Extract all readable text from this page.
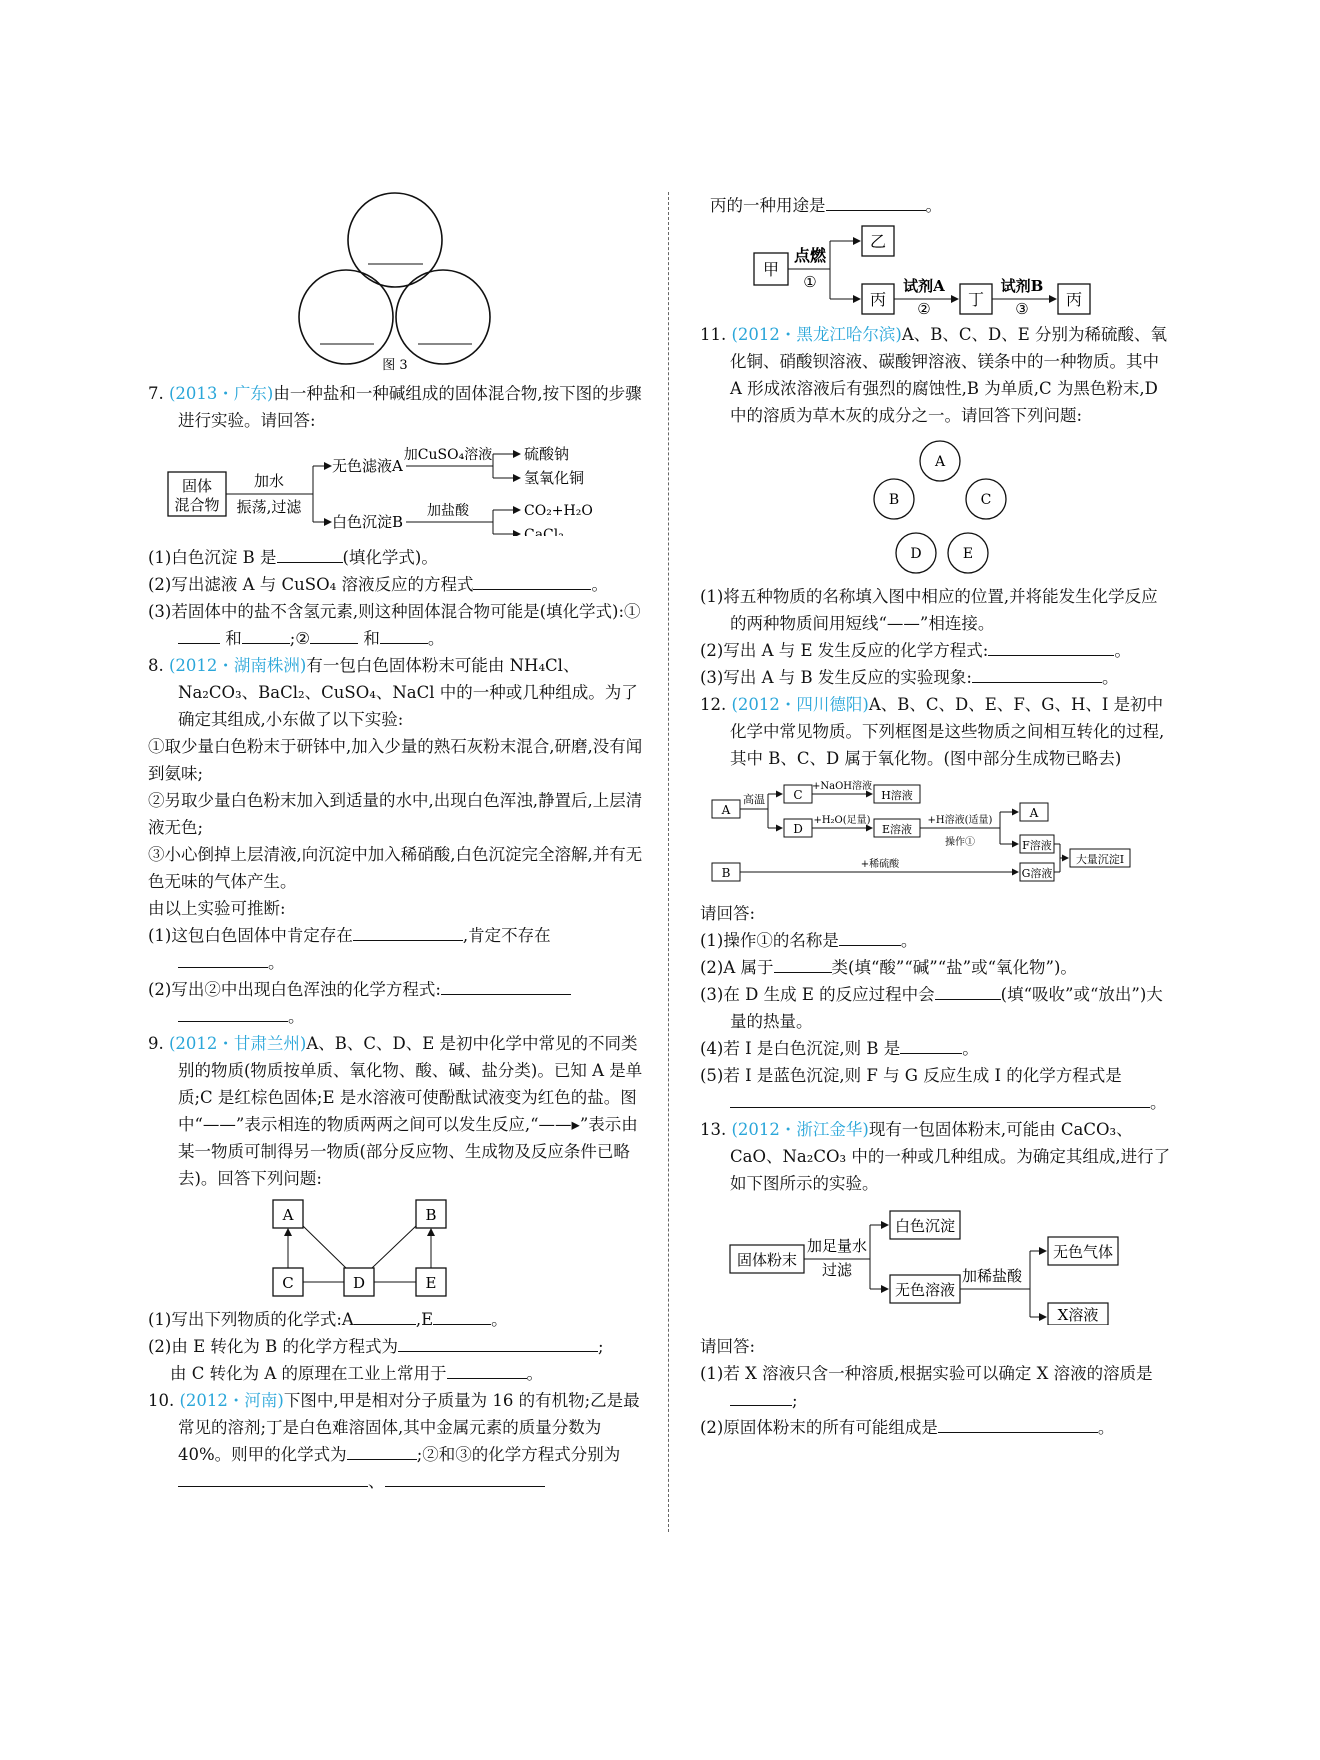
图 3

7. (2013・广东)由一种盐和一种碱组成的固体混合物,按下图的步骤进行实验。请回答:

固体
混合物
加水
振荡,过滤
无色滤液A
白色沉淀B
加CuSO₄溶液
加盐酸
硫酸钠
氢氧化铜
CO₂+H₂O
CaCl₂

(1)白色沉淀 B 是	(填化学式)。

(2)写出滤液 A 与 CuSO₄ 溶液反应的方程式	。

(3)若固体中的盐不含氢元素,则这种固体混合物可能是(填化学式):① 和	;②	和	。

8. (2012・湖南株洲)有一包白色固体粉末可能由 NH₄Cl、Na₂CO₃、BaCl₂、CuSO₄、NaCl 中的一种或几种组成。为了确定其组成,小东做了以下实验:

①取少量白色粉末于研钵中,加入少量的熟石灰粉末混合,研磨,没有闻到氨味;

②另取少量白色粉末加入到适量的水中,出现白色浑浊,静置后,上层清液无色;

③小心倒掉上层清液,向沉淀中加入稀硝酸,白色沉淀完全溶解,并有无色无味的气体产生。

由以上实验可推断:

(1)这包白色固体中肯定存在	,肯定不存在
。

(2)写出②中出现白色浑浊的化学方程式:
。

9. (2012・甘肃兰州)A、B、C、D、E 是初中化学中常见的不同类别的物质(物质按单质、氧化物、酸、碱、盐分类)。已知 A 是单质;C 是红棕色固体;E 是水溶液可使酚酞试液变为红色的盐。图中“——”表示相连的物质两两之间可以发生反应,“——▸”表示由某一物质可制得另一物质(部分反应物、生成物及反应条件已略去)。回答下列问题:

A	B
C	D	E

(1)写出下列物质的化学式:A	,E	。

(2)由 E 转化为 B 的化学方程式为	;

由 C 转化为 A 的原理在工业上常用于	。

10. (2012・河南)下图中,甲是相对分子质量为 16 的有机物;乙是最常见的溶剂;丁是白色难溶固体,其中金属元素的质量分数为 40%。则甲的化学式为	;②和③的化学方程式分别为、

丙的一种用途是	。

甲
点燃
①
乙
丙
试剂A
② 丁
试剂B
③ 丙

11. (2012・黑龙江哈尔滨)A、B、C、D、E 分别为稀硫酸、氧化铜、硝酸钡溶液、碳酸钾溶液、镁条中的一种物质。其中 A 形成浓溶液后有强烈的腐蚀性,B 为单质,C 为黑色粉末,D 中的溶质为草木灰的成分之一。请回答下列问题:

A
B	C
D	E

(1)将五种物质的名称填入图中相应的位置,并将能发生化学反应的两种物质间用短线“——”相连接。

(2)写出 A 与 E 发生反应的化学方程式:	。

(3)写出 A 与 B 发生反应的实验现象:	。

12. (2012・四川德阳)A、B、C、D、E、F、G、H、I 是初中化学中常见物质。下列框图是这些物质之间相互转化的过程,其中 B、C、D 属于氧化物。(图中部分生成物已略去)

A
高温 C
D
+NaOH溶液
H溶液
+H₂O(足量)
E溶液
+H溶液(适量)
操作①
A
F溶液
B
+稀硫酸
G溶液
大量沉淀I

请回答:

(1)操作①的名称是	。

(2)A 属于	类(填“酸”“碱”“盐”或“氧化物”)。

(3)在 D 生成 E 的反应过程中会	(填“吸收”或“放出”)大量的热量。

(4)若 I 是白色沉淀,则 B 是	。

(5)若 I 是蓝色沉淀,则 F 与 G 反应生成 I 的化学方程式是
。

13. (2012・浙江金华)现有一包固体粉末,可能由 CaCO₃、CaO、Na₂CO₃ 中的一种或几种组成。为确定其组成,进行了如下图所示的实验。

固体粉末
加足量水
过滤
白色沉淀
无色溶液
加稀盐酸
无色气体
X溶液

请回答:

(1)若 X 溶液只含一种溶质,根据实验可以确定 X 溶液的溶质是;

(2)原固体粉末的所有可能组成是	。
